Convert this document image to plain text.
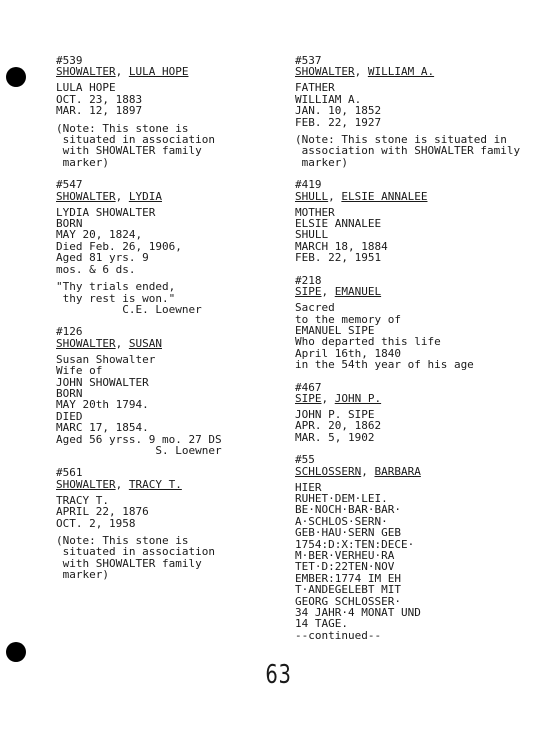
#539
SHOWALTER, LULA HOPE
LULA HOPE
OCT. 23, 1883
MAR. 12, 1897
(Note: This stone is
situated in association
with SHOWALTER family
marker)
#547
SHOWALTER, LYDIA
LYDIA SHOWALTER
BORN
MAY 20, 1824,
Died Feb. 26, 1906,
Aged 81 yrs. 9
mos. & 6 ds.
"Thy trials ended,
thy rest is won."
C.E. Loewner
#126
SHOWALTER, SUSAN
Susan Showalter
Wife of
JOHN SHOWALTER
BORN
MAY 20th 1794.
DIED
MARC 17, 1854.
Aged 56 yrss. 9 mo. 27 DS
S. Loewner
#561
SHOWALTER, TRACY T.
TRACY T.
APRIL 22, 1876
OCT. 2, 1958
(Note: This stone is
situated in association
with SHOWALTER family
marker)
#537
SHOWALTER, WILLIAM A.
FATHER
WILLIAM A.
JAN. 10, 1852
FEB. 22, 1927
(Note: This stone is situated in
association with SHOWALTER family
marker)
#419
SHULL, ELSIE ANNALEE
MOTHER
ELSIE ANNALEE
SHULL
MARCH 18, 1884
FEB. 22, 1951
#218
SIPE, EMANUEL
Sacred
to the memory of
EMANUEL SIPE
Who departed this life
April 16th, 1840
in the 54th year of his age
#467
SIPE, JOHN P.
JOHN P. SIPE
APR. 20, 1862
MAR. 5, 1902
#55
SCHLOSSERN, BARBARA
HIER
RUHET·DEM·LEI.
BE·NOCH·BAR·BAR·
A·SCHLOS·SERN·
GEB·HAU·SERN GEB
1754:D:X:TEN:DECE·
M·BER·VERHEU·RA
TET·D:22TEN·NOV
EMBER:1774 IM EH
T·ANDEGELEBT MIT
GEORG SCHLOSSER·
34 JAHR·4 MONAT UND
14 TAGE.
--continued--
63
